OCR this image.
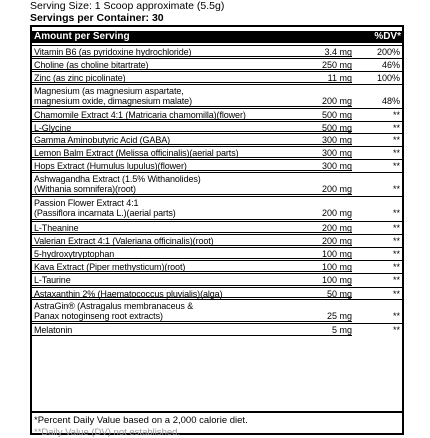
Serving Size: 1 Scoop approximate (5.5g)
Servings per Container: 30
Amount per Serving	%DV*
Vitamin B6 (as pyridoxine hydrochloride)	3.4 mg	200%
Choline (as choline bitartrate)	250 mg	46%
Zinc (as zinc picolinate)	11 mg	100%
Magnesium (as magnesium aspartate,
magnesium oxide, dimagnesium malate)	200 mg	48%
Chamomile Extract 4:1 (Matricaria chamomilla)(flower)	500 mg	**
L-Glycine	500 mg	**
Gamma Aminobutyric Acid (GABA)	300 mg	**
Lemon Balm Extract (Melissa officinalis)(aerial parts)	300 mg	**
Hops Extract (Humulus lupulus)(flower)	300 mg	**
Ashwagandha Extract (1.5% Withanolides)
(Withania somnifera)(root)	200 mg	**
Passion Flower Extract 4:1
(Passiflora incarnata L.)(aerial parts)	200 mg	**
L-Theanine	200 mg	**
Valerian Extract 4:1 (Valeriana officinalis)(root)	200 mg	**
5-hydroxytryptophan	100 mg	**
Kava Extract (Piper methysticum)(root)	100 mg	**
L-Taurine	100 mg	**
Astaxanthin 2% (Haematococcus pluvialis)(alga)	50 mg	**
AstraGin® (Astragalus membranaceus &
Panax notoginseng root extracts)	25 mg	**
Melatonin	5 mg	**
*Percent Daily Value based on a 2,000 calorie diet.
**Daily Value (DV) not established.
